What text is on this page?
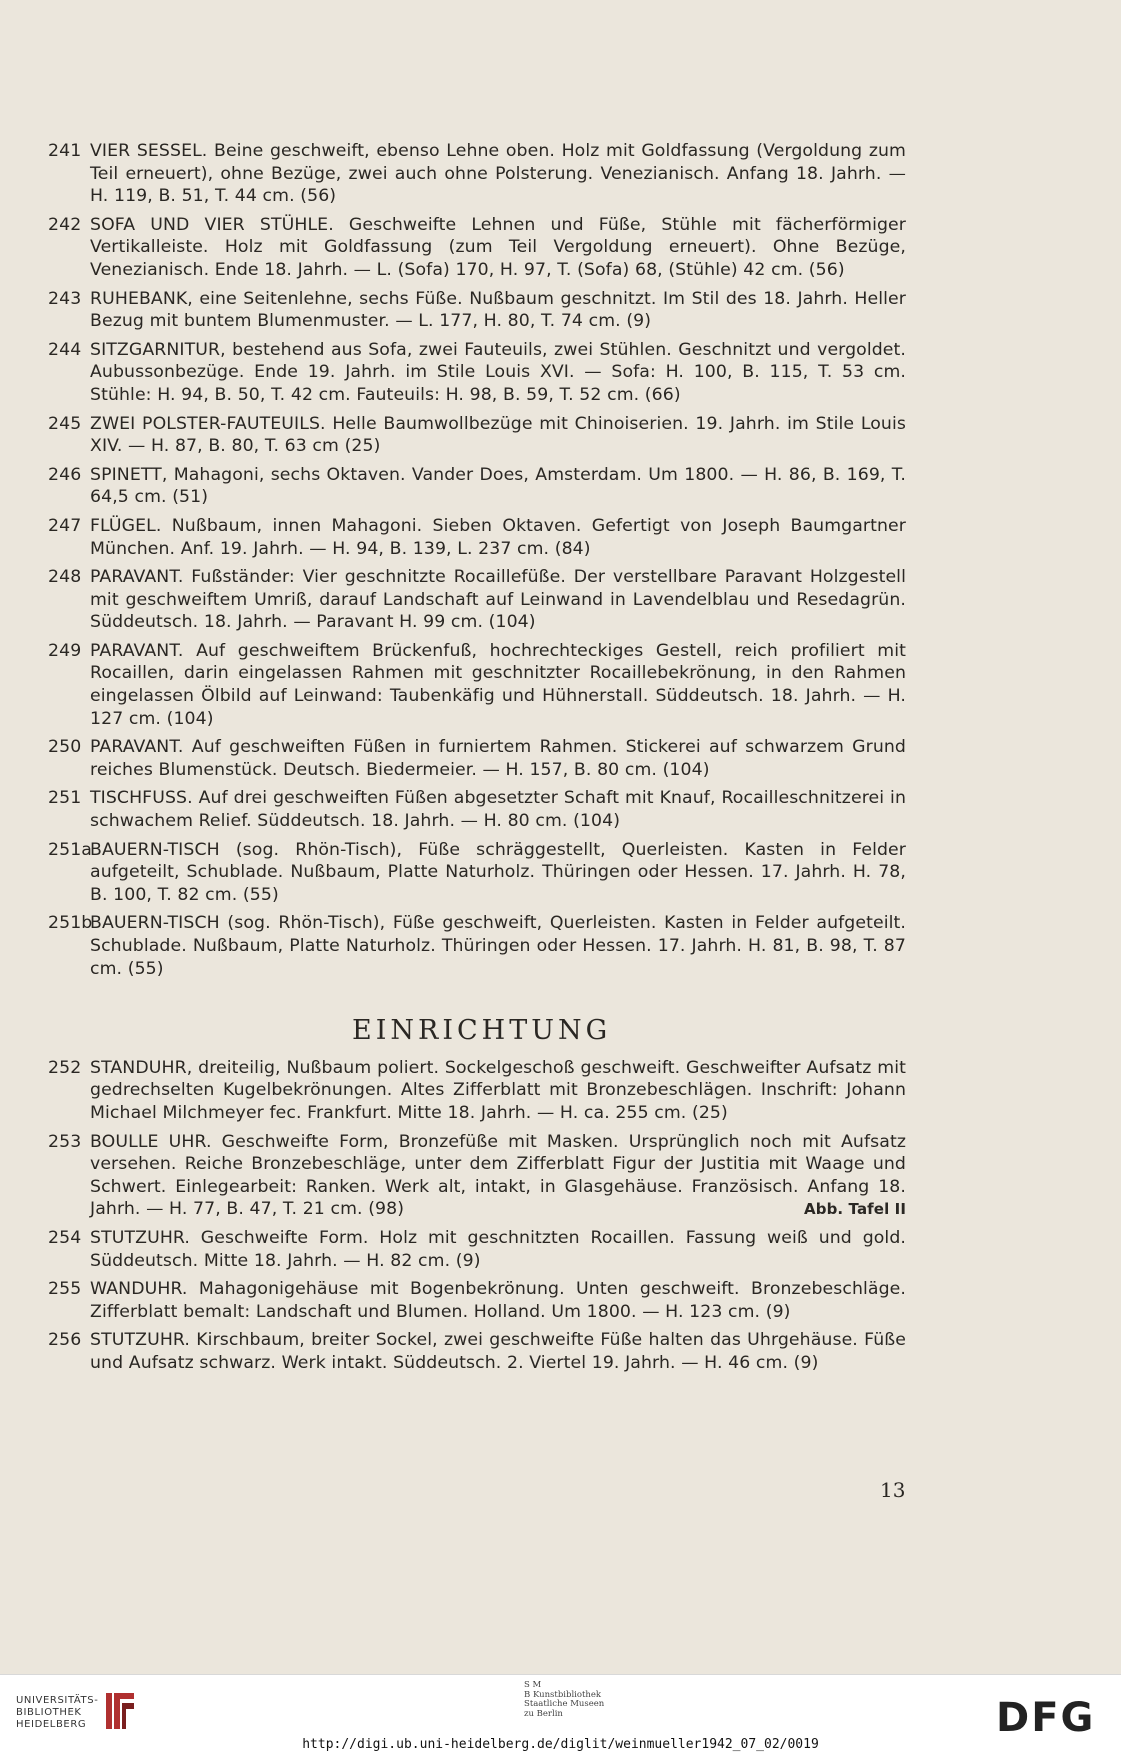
241 VIER SESSEL. Beine geschweift, ebenso Lehne oben. Holz mit Goldfassung (Vergoldung zum Teil erneuert), ohne Bezüge, zwei auch ohne Polsterung. Venezianisch. Anfang 18. Jahrh. — H. 119, B. 51, T. 44 cm. (56)
242 SOFA UND VIER STÜHLE. Geschweifte Lehnen und Füße, Stühle mit fächerförmiger Vertikalleiste. Holz mit Goldfassung (zum Teil Vergoldung erneuert). Ohne Bezüge, Venezianisch. Ende 18. Jahrh. — L. (Sofa) 170, H. 97, T. (Sofa) 68, (Stühle) 42 cm. (56)
243 RUHEBANK, eine Seitenlehne, sechs Füße. Nußbaum geschnitzt. Im Stil des 18. Jahrh. Heller Bezug mit buntem Blumenmuster. — L. 177, H. 80, T. 74 cm. (9)
244 SITZGARNITUR, bestehend aus Sofa, zwei Fauteuils, zwei Stühlen. Geschnitzt und vergoldet. Aubussonbezüge. Ende 19. Jahrh. im Stile Louis XVI. — Sofa: H. 100, B. 115, T. 53 cm. Stühle: H. 94, B. 50, T. 42 cm. Fauteuils: H. 98, B. 59, T. 52 cm. (66)
245 ZWEI POLSTER-FAUTEUILS. Helle Baumwollbezüge mit Chinoiserien. 19. Jahrh. im Stile Louis XIV. — H. 87, B. 80, T. 63 cm (25)
246 SPINETT, Mahagoni, sechs Oktaven. Vander Does, Amsterdam. Um 1800. — H. 86, B. 169, T. 64,5 cm. (51)
247 FLÜGEL. Nußbaum, innen Mahagoni. Sieben Oktaven. Gefertigt von Joseph Baumgartner München. Anf. 19. Jahrh. — H. 94, B. 139, L. 237 cm. (84)
248 PARAVANT. Fußständer: Vier geschnitzte Rocaillefüße. Der verstellbare Paravant Holzgestell mit geschweiftem Umriß, darauf Landschaft auf Leinwand in Lavendelblau und Resedagrün. Süddeutsch. 18. Jahrh. — Paravant H. 99 cm. (104)
249 PARAVANT. Auf geschweiftem Brückenfuß, hochrechteckiges Gestell, reich profiliert mit Rocaillen, darin eingelassen Rahmen mit geschnitzter Rocaillebekrönung, in den Rahmen eingelassen Ölbild auf Leinwand: Taubenkäfig und Hühnerstall. Süddeutsch. 18. Jahrh. — H. 127 cm. (104)
250 PARAVANT. Auf geschweiften Füßen in furniertem Rahmen. Stickerei auf schwarzem Grund reiches Blumenstück. Deutsch. Biedermeier. — H. 157, B. 80 cm. (104)
251 TISCHFUSS. Auf drei geschweiften Füßen abgesetzter Schaft mit Knauf, Rocailleschnitzerei in schwachem Relief. Süddeutsch. 18. Jahrh. — H. 80 cm. (104)
251a
BAUERN-TISCH (sog. Rhön-Tisch), Füße schräggestellt, Querleisten. Kasten in Felder aufgeteilt, Schublade. Nußbaum, Platte Naturholz. Thüringen oder Hessen. 17. Jahrh. H. 78, B. 100, T. 82 cm. (55)
251b
BAUERN-TISCH (sog. Rhön-Tisch), Füße geschweift, Querleisten. Kasten in Felder aufgeteilt. Schublade. Nußbaum, Platte Naturholz. Thüringen oder Hessen. 17. Jahrh. H. 81, B. 98, T. 87 cm. (55)
EINRICHTUNG
252 STANDUHR, dreiteilig, Nußbaum poliert. Sockelgeschoß geschweift. Geschweifter Aufsatz mit gedrechselten Kugelbekrönungen. Altes Zifferblatt mit Bronzebeschlägen. Inschrift: Johann Michael Milchmeyer fec. Frankfurt. Mitte 18. Jahrh. — H. ca. 255 cm. (25)
253 BOULLE UHR. Geschweifte Form, Bronzefüße mit Masken. Ursprünglich noch mit Aufsatz versehen. Reiche Bronzebeschläge, unter dem Zifferblatt Figur der Justitia mit Waage und Schwert. Einlegearbeit: Ranken. Werk alt, intakt, in Glasgehäuse. Französisch. Anfang 18. Jahrh. — H. 77, B. 47, T. 21 cm. (98)	Abb. Tafel II
254 STUTZUHR. Geschweifte Form. Holz mit geschnitzten Rocaillen. Fassung weiß und gold. Süddeutsch. Mitte 18. Jahrh. — H. 82 cm. (9)
255 WANDUHR. Mahagonigehäuse mit Bogenbekrönung. Unten geschweift. Bronzebeschläge. Zifferblatt bemalt: Landschaft und Blumen. Holland. Um 1800. — H. 123 cm. (9)
256 STUTZUHR. Kirschbaum, breiter Sockel, zwei geschweifte Füße halten das Uhrgehäuse. Füße und Aufsatz schwarz. Werk intakt. Süddeutsch. 2. Viertel 19. Jahrh. — H. 46 cm. (9)
13
UNIVERSITÄTS-
BIBLIOTHEK
HEIDELBERG
S M
B Kunstbibliothek
Staatliche Museen
zu Berlin	DFG
http://digi.ub.uni-heidelberg.de/diglit/weinmueller1942_07_02/0019
